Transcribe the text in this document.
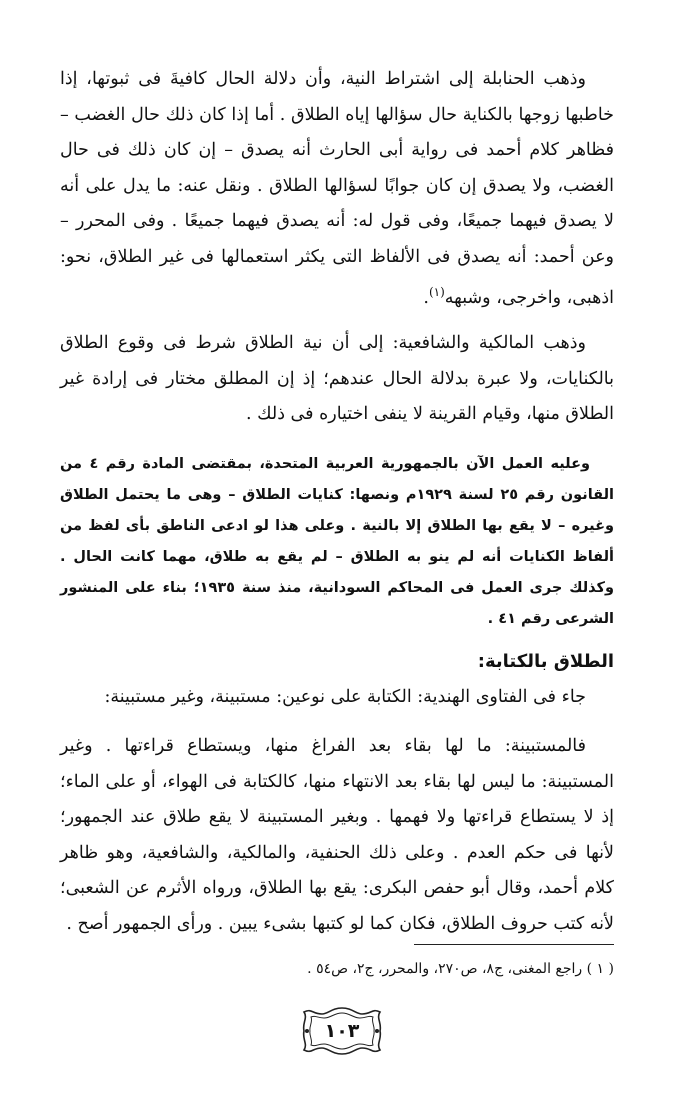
وذهب الحنابلة إلى اشتراط النية، وأن دلالة الحال كافيةَ فى ثبوتها، إذا خاطبها زوجها بالكناية حال سؤالها إياه الطلاق . أما إذا كان ذلك حال الغضب – فظاهر كلام أحمد فى رواية أبى الحارث أنه يصدق – إن كان ذلك فى حال الغضب، ولا يصدق إن كان جوابًا لسؤالها الطلاق . ونقل عنه: ما يدل على أنه لا يصدق فيهما جميعًا، وفى قول له: أنه يصدق فيهما جميعًا . وفى المحرر – وعن أحمد: أنه يصدق فى الألفاظ التى يكثر استعمالها فى غير الطلاق، نحو: اذهبى، واخرجى، وشبهه$^{(١)}$.

وذهب المالكية والشافعية: إلى أن نية الطلاق شرط فى وقوع الطلاق بالكنايات، ولا عبرة بدلالة الحال عندهم؛ إذ إن المطلق مختار فى إرادة غير الطلاق منها، وقيام القرينة لا ينفى اختياره فى ذلك .

وعليه العمل الآن بالجمهورية العربية المتحدة، بمقتضى المادة رقم ٤ من القانون رقم ٢٥ لسنة ١٩٢٩م ونصها: كنايات الطلاق – وهى ما يحتمل الطلاق وغيره – لا يقع بها الطلاق إلا بالنية . وعلى هذا لو ادعى الناطق بأى لفظ من ألفاظ الكنايات أنه لم ينو به الطلاق – لم يقع به طلاق، مهما كانت الحال . وكذلك جرى العمل فى المحاكم السودانية، منذ سنة ١٩٣٥؛ بناء على المنشور الشرعى رقم ٤١ .

الطلاق بالكتابة:

جاء فى الفتاوى الهندية: الكتابة على نوعين: مستبينة، وغير مستبينة:

فالمستبينة: ما لها بقاء بعد الفراغ منها، ويستطاع قراءتها . وغير المستبينة: ما ليس لها بقاء بعد الانتهاء منها، كالكتابة فى الهواء، أو على الماء؛ إذ لا يستطاع قراءتها ولا فهمها . وبغير المستبينة لا يقع طلاق عند الجمهور؛ لأنها فى حكم العدم . وعلى ذلك الحنفية، والمالكية، والشافعية، وهو ظاهر كلام أحمد، وقال أبو حفص البكرى: يقع بها الطلاق، ورواه الأثرم عن الشعبى؛ لأنه كتب حروف الطلاق، فكان كما لو كتبها بشىء يبين . ورأى الجمهور أصح .

( ١ ) راجع المغنى، ج٨، ص٢٧٠، والمحرر، ج٢، ص٥٤ .

١٠٣
